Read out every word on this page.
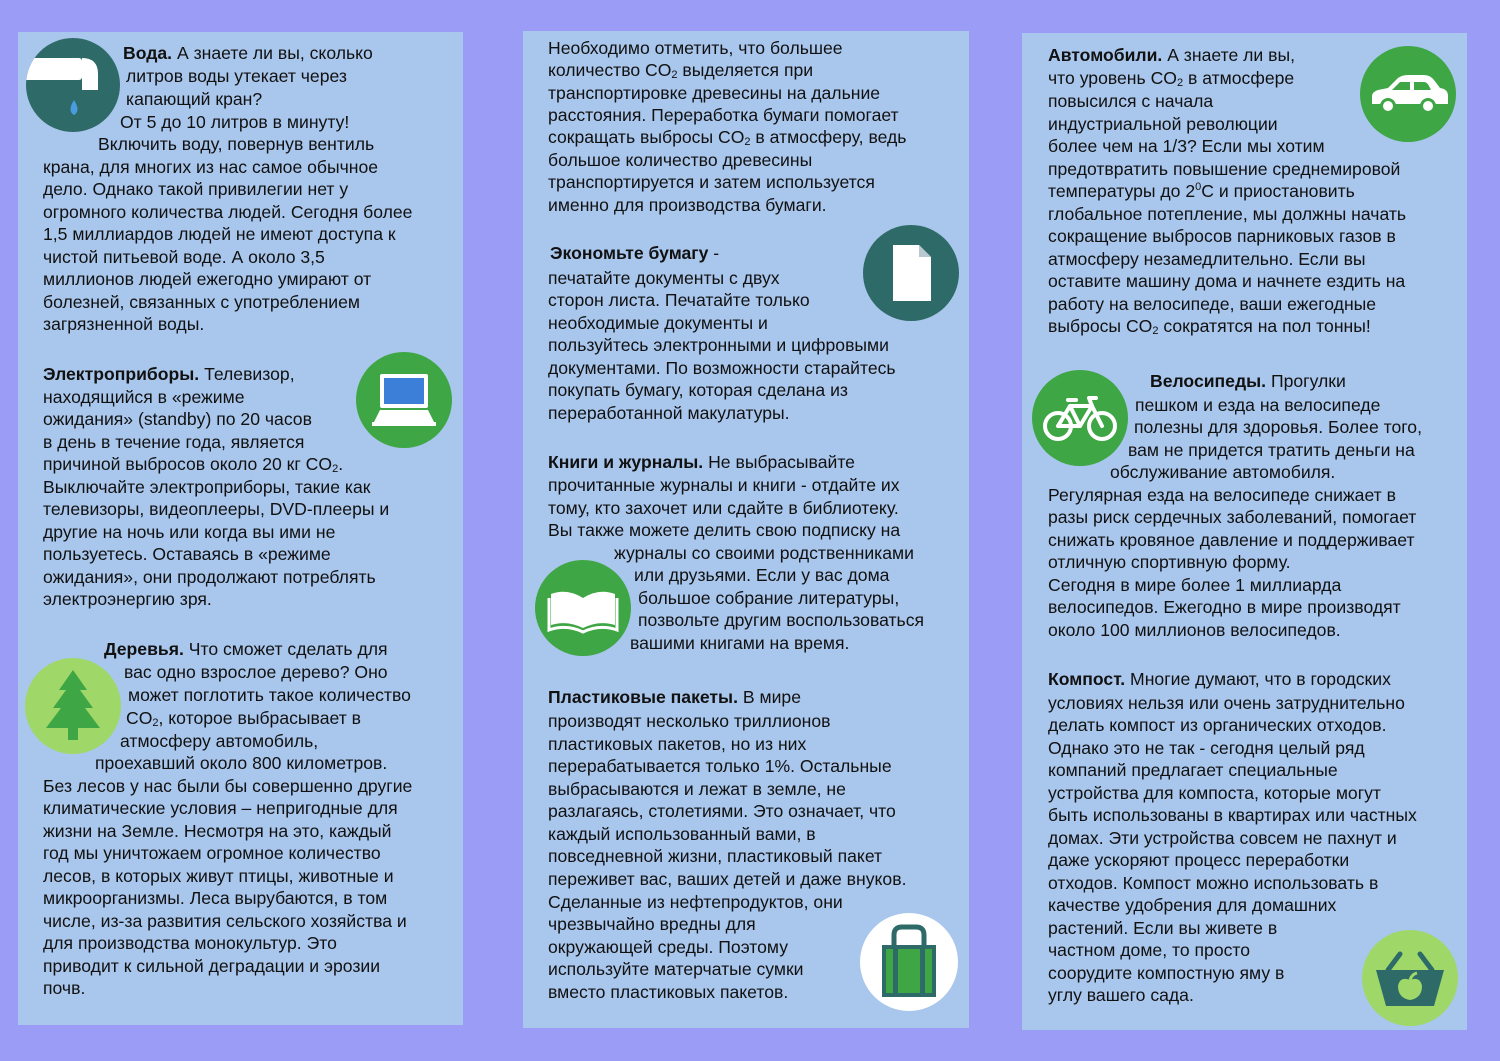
Вода. А знаете ли вы, сколько
литров воды утекает через
капающий кран?
От 5 до 10 литров в минуту!
Включить воду, повернув вентиль
крана, для многих из нас самое обычное
дело. Однако такой привилегии нет у
огромного количества людей. Сегодня более
1,5 миллиардов людей не имеют доступа к
чистой питьевой воде. А около 3,5
миллионов людей ежегодно умирают от
болезней, связанных с употреблением
загрязненной воды.
Электроприборы. Телевизор,
находящийся в «режиме
ожидания» (standby) по 20 часов
в день в течение года, является
причиной выбросов около 20 кг $CO_2$.
Выключайте электроприборы, такие как
телевизоры, видеоплееры, DVD-плееры и
другие на ночь или когда вы ими не
пользуетесь. Оставаясь в «режиме
ожидания», они продолжают потреблять
электроэнергию зря.
Деревья. Что сможет сделать для
вас одно взрослое дерево? Оно
может поглотить такое количество
$CO_2$, которое выбрасывает в
атмосферу автомобиль,
проехавший около 800 километров.
Без лесов у нас были бы совершенно другие
климатические условия – непригодные для
жизни на Земле. Несмотря на это, каждый
год мы уничтожаем огромное количество
лесов, в которых живут птицы, животные и
микроорганизмы. Леса вырубаются, в том
числе, из-за развития сельского хозяйства и
для производства монокультур. Это
приводит к сильной деградации и эрозии
почв.
Необходимо отметить, что большее
количество $CO_2$ выделяется при
транспортировке древесины на дальние
расстояния. Переработка бумаги помогает
сокращать выбросы $CO_2$ в атмосферу, ведь
большое количество древесины
транспортируется и затем используется
именно для производства бумаги.
Экономьте бумагу -
печатайте документы с двух
сторон листа. Печатайте только
необходимые документы и
пользуйтесь электронными и цифровыми
документами. По возможности старайтесь
покупать бумагу, которая сделана из
переработанной макулатуры.
Книги и журналы. Не выбрасывайте
прочитанные журналы и книги - отдайте их
тому, кто захочет или сдайте в библиотеку.
Вы также можете делить свою подписку на
журналы со своими родственниками
или друзьями. Если у вас дома
большое собрание литературы,
позвольте другим воспользоваться
вашими книгами на время.
Пластиковые пакеты. В мире
производят несколько триллионов
пластиковых пакетов, но из них
перерабатывается только 1%. Остальные
выбрасываются и лежат в земле, не
разлагаясь, столетиями. Это означает, что
каждый использованный вами, в
повседневной жизни, пластиковый пакет
переживет вас, ваших детей и даже внуков.
Сделанные из нефтепродуктов, они
чрезвычайно вредны для
окружающей среды. Поэтому
используйте матерчатые сумки
вместо пластиковых пакетов.
Автомобили. А знаете ли вы,
что уровень $CO_2$ в атмосфере
повысился с начала
индустриальной революции
более чем на 1/3? Если мы хотим
предотвратить повышение среднемировой
температуры до $2^0С$ и приостановить
глобальное потепление, мы должны начать
сокращение выбросов парниковых газов в
атмосферу незамедлительно. Если вы
оставите машину дома и начнете ездить на
работу на велосипеде, ваши ежегодные
выбросы $CO_2$ сократятся на пол тонны!
Велосипеды. Прогулки
пешком и езда на велосипеде
полезны для здоровья. Более того,
вам не придется тратить деньги на
обслуживание автомобиля.
Регулярная езда на велосипеде снижает в
разы риск сердечных заболеваний, помогает
снижать кровяное давление и поддерживает
отличную спортивную форму.
Сегодня в мире более 1 миллиарда
велосипедов. Ежегодно в мире производят
около 100 миллионов велосипедов.
Компост. Многие думают, что в городских
условиях нельзя или очень затруднительно
делать компост из органических отходов.
Однако это не так - сегодня целый ряд
компаний предлагает специальные
устройства для компоста, которые могут
быть использованы в квартирах или частных
домах. Эти устройства совсем не пахнут и
даже ускоряют процесс переработки
отходов. Компост можно использовать в
качестве удобрения для домашних
растений. Если вы живете в
частном доме, то просто
соорудите компостную яму в
углу вашего сада.
